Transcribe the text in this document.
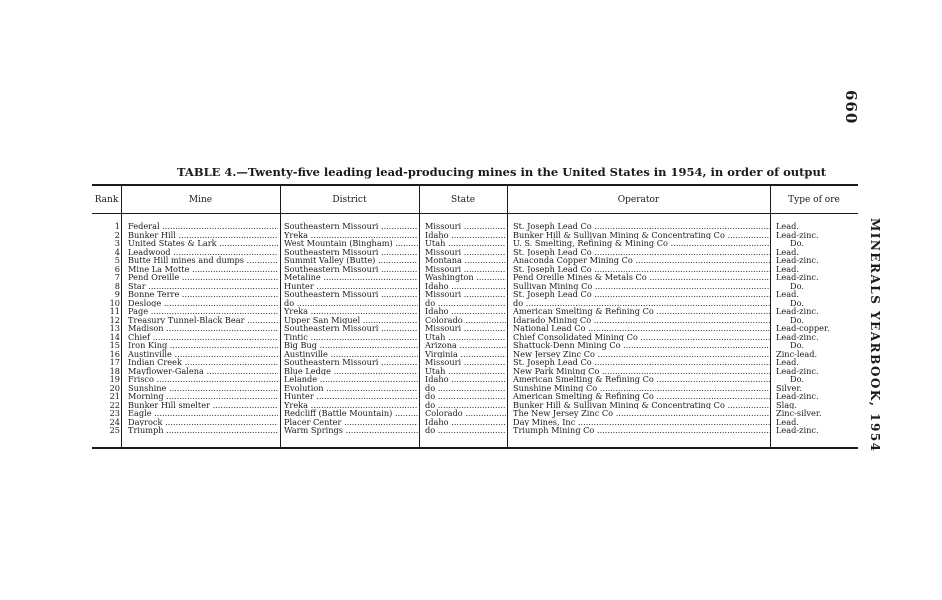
660
MINERALS YEARBOOK, 1954
TABLE 4.—Twenty-five leading lead-producing mines in the United States in 1954, in order of output
Rank	Mine	District	State	Operator	Type of ore
1 Federal .....	Southeastern Missouri .....	Missouri .....	St. Joseph Lead Co .....	Lead.
2 Bunker Hill .....	Yreka .....	Idaho .....	Bunker Hill & Sullivan Mining & Concentrating Co .....	Lead-zinc.
3 United States & Lark .....	West Mountain (Bingham) .....	Utah .....	U. S. Smelting, Refining & Mining Co .....	Do.
4 Leadwood .....	Southeastern Missouri .....	Missouri .....	St. Joseph Lead Co .....	Lead.
5 Butte Hill mines and dumps .....	Summit Valley (Butte) .....	Montana .....	Anaconda Copper Mining Co .....	Lead-zinc.
6 Mine La Motte .....	Southeastern Missouri .....	Missouri .....	St. Joseph Lead Co .....	Lead.
7 Pend Oreille .....	Metaline .....	Washington .....	Pend Oreille Mines & Metals Co .....	Lead-zinc.
8 Star .....	Hunter .....	Idaho .....	Sullivan Mining Co .....	Do.
9 Bonne Terre .....	Southeastern Missouri .....	Missouri .....	St. Joseph Lead Co .....	Lead.
10 Desloge .....	do .....	do .....	do .....	Do.
11 Page .....	Yreka .....	Idaho .....	American Smelting & Refining Co .....	Lead-zinc.
12 Treasury Tunnel-Black Bear .....	Upper San Miguel .....	Colorado .....	Idarado Mining Co .....	Do.
13 Madison .....	Southeastern Missouri .....	Missouri .....	National Lead Co .....	Lead-copper.
14 Chief .....	Tintic .....	Utah .....	Chief Consolidated Mining Co .....	Lead-zinc.
15 Iron King .....	Big Bug .....	Arizona .....	Shattuck-Denn Mining Co .....	Do.
16 Austinville .....	Austinville .....	Virginia .....	New Jersey Zinc Co .....	Zinc-lead.
17 Indian Creek .....	Southeastern Missouri .....	Missouri .....	St. Joseph Lead Co .....	Lead.
18 Mayflower-Galena .....	Blue Ledge .....	Utah .....	New Park Mining Co .....	Lead-zinc.
19 Frisco .....	Lelande .....	Idaho .....	American Smelting & Refining Co .....	Do.
20 Sunshine .....	Evolution .....	do .....	Sunshine Mining Co .....	Silver.
21 Morning .....	Hunter .....	do .....	American Smelting & Refining Co .....	Lead-zinc.
22 Bunker Hill smelter .....	Yreka .....	do .....	Bunker Hill & Sullivan Mining & Concentrating Co .....	Slag.
23 Eagle .....	Redcliff (Battle Mountain) .....	Colorado .....	The New Jersey Zinc Co .....	Zinc-silver.
24 Dayrock .....	Placer Center .....	Idaho .....	Day Mines, Inc .....	Lead.
25 Triumph .....	Warm Springs .....	do .....	Triumph Mining Co .....	Lead-zinc.
